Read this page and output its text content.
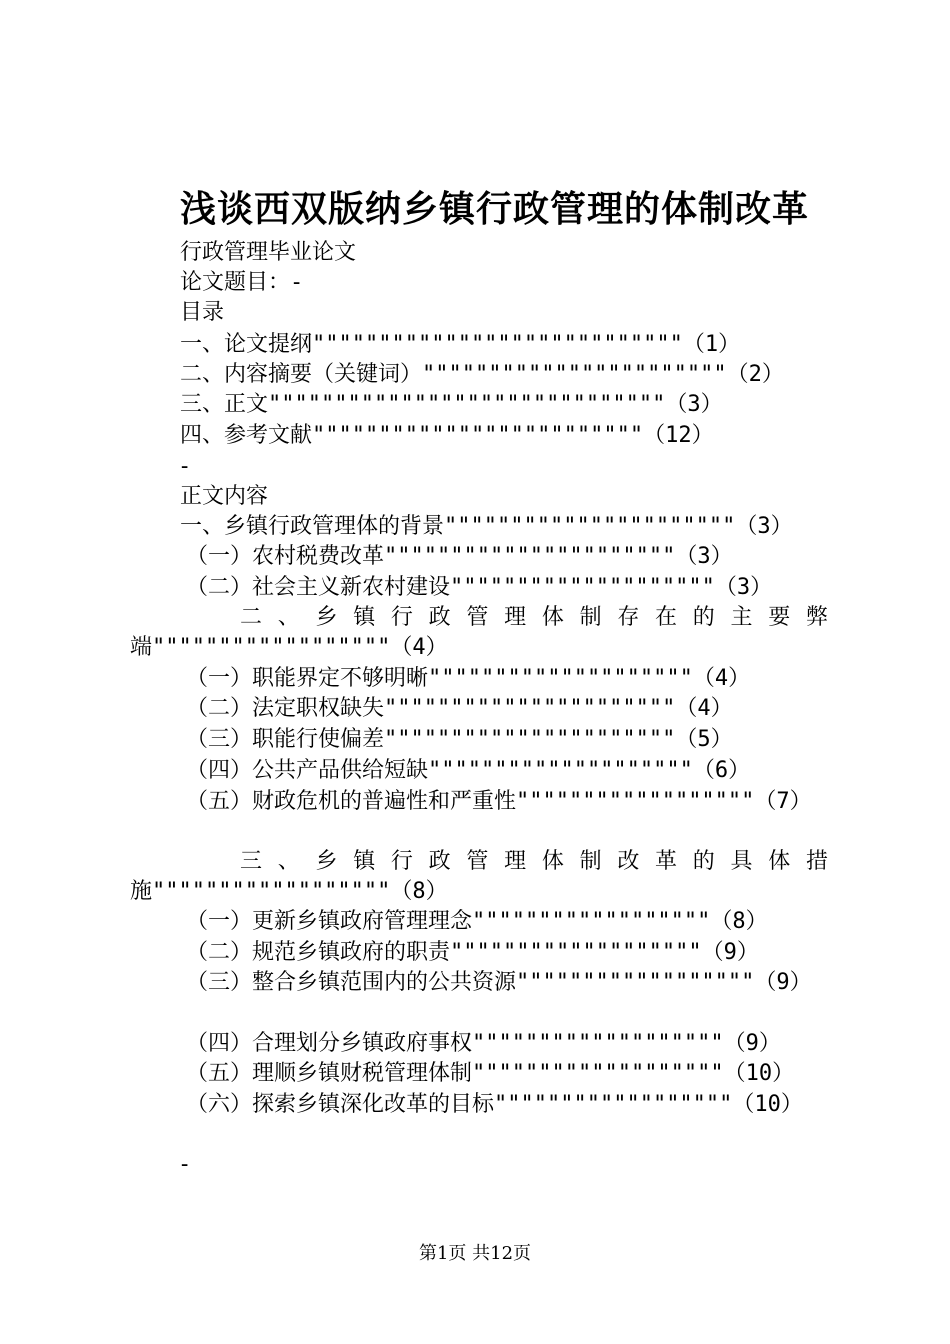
浅谈西双版纳乡镇行政管理的体制改革
行政管理毕业论文
论文题目：-
目录
一、论文提纲""""""""""""""""""""""""""""（1）
二、内容摘要（关键词）"""""""""""""""""""""""（2）
三、正文""""""""""""""""""""""""""""""（3）
四、参考文献"""""""""""""""""""""""""（12）
-
正文内容
一、乡镇行政管理体的背景""""""""""""""""""""""（3）
（一）农村税费改革""""""""""""""""""""""（3）
（二）社会主义新农村建设""""""""""""""""""""（3）
二、乡镇行政管理体制存在的主要弊
端""""""""""""""""""（4）
（一）职能界定不够明晰""""""""""""""""""""（4）
（二）法定职权缺失""""""""""""""""""""""（4）
（三）职能行使偏差""""""""""""""""""""""（5）
（四）公共产品供给短缺""""""""""""""""""""（6）
（五）财政危机的普遍性和严重性""""""""""""""""""（7）
三、乡镇行政管理体制改革的具体措
施""""""""""""""""""（8）
（一）更新乡镇政府管理理念""""""""""""""""""（8）
（二）规范乡镇政府的职责"""""""""""""""""""（9）
（三）整合乡镇范围内的公共资源""""""""""""""""""（9）
（四）合理划分乡镇政府事权"""""""""""""""""""（9）
（五）理顺乡镇财税管理体制"""""""""""""""""""（10）
（六）探索乡镇深化改革的目标""""""""""""""""""（10）
-
第1页 共12页
